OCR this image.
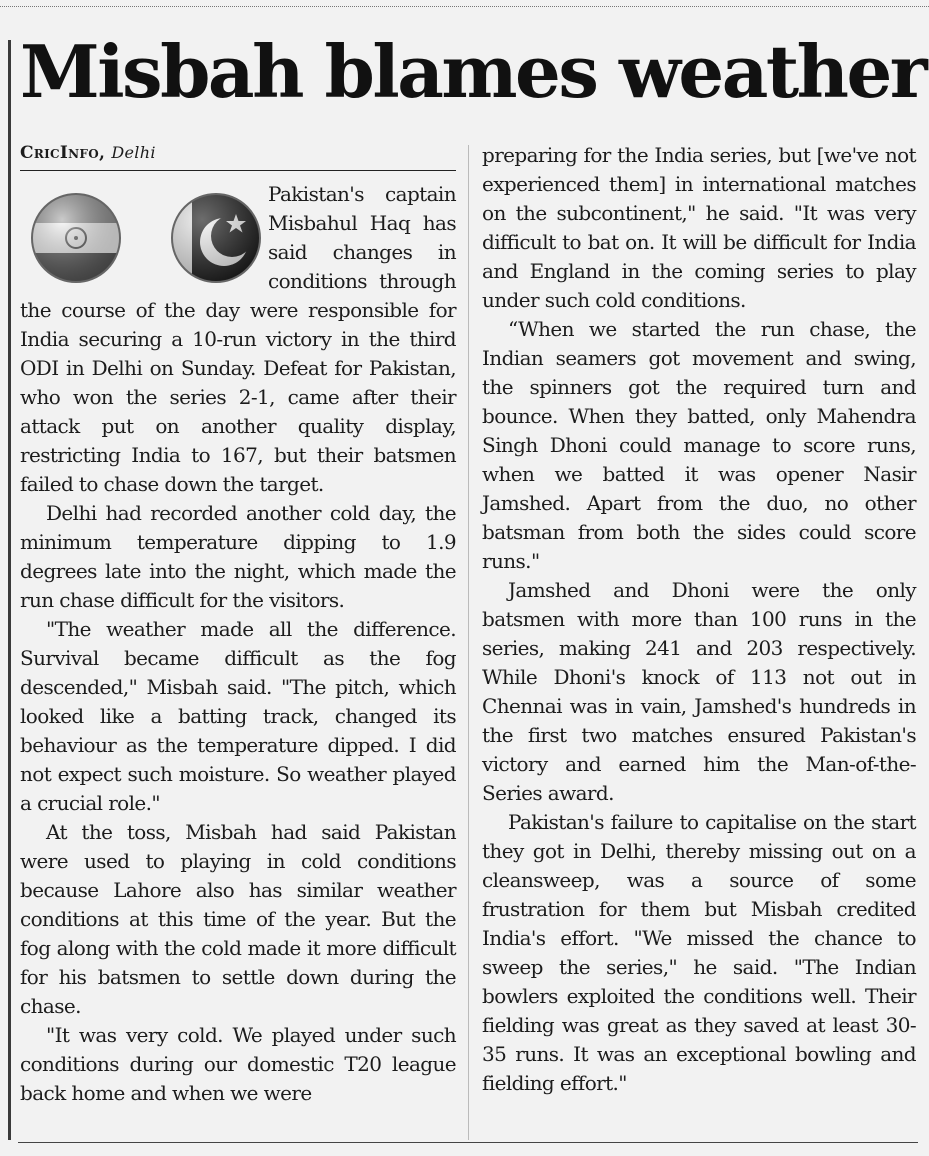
Misbah blames weather
CricInfo, Delhi

Pakistan's captain Misbahul Haq has said changes in conditions through the course of the day were responsible for India securing a 10-run victory in the third ODI in Delhi on Sunday. Defeat for Pakistan, who won the series 2-1, came after their attack put on another quality display, restricting India to 167, but their batsmen failed to chase down the target.

Delhi had recorded another cold day, the minimum temperature dipping to 1.9 degrees late into the night, which made the run chase difficult for the visitors.

"The weather made all the difference. Survival became difficult as the fog descended," Misbah said. "The pitch, which looked like a batting track, changed its behaviour as the temperature dipped. I did not expect such moisture. So weather played a crucial role."

At the toss, Misbah had said Pakistan were used to playing in cold conditions because Lahore also has similar weather conditions at this time of the year. But the fog along with the cold made it more difficult for his batsmen to settle down during the chase.

"It was very cold. We played under such conditions during our domestic T20 league back home and when we were

preparing for the India series, but [we've not experienced them] in international matches on the subcontinent," he said. "It was very difficult to bat on. It will be difficult for India and England in the coming series to play under such cold conditions.

“When we started the run chase, the Indian seamers got movement and swing, the spinners got the required turn and bounce. When they batted, only Mahendra Singh Dhoni could manage to score runs, when we batted it was opener Nasir Jamshed. Apart from the duo, no other batsman from both the sides could score runs."

Jamshed and Dhoni were the only batsmen with more than 100 runs in the series, making 241 and 203 respectively. While Dhoni's knock of 113 not out in Chennai was in vain, Jamshed's hundreds in the first two matches ensured Pakistan's victory and earned him the Man-of-the-Series award.

Pakistan's failure to capitalise on the start they got in Delhi, thereby missing out on a cleansweep, was a source of some frustration for them but Misbah credited India's effort. "We missed the chance to sweep the series," he said. "The Indian bowlers exploited the conditions well. Their fielding was great as they saved at least 30-35 runs. It was an exceptional bowling and fielding effort."
